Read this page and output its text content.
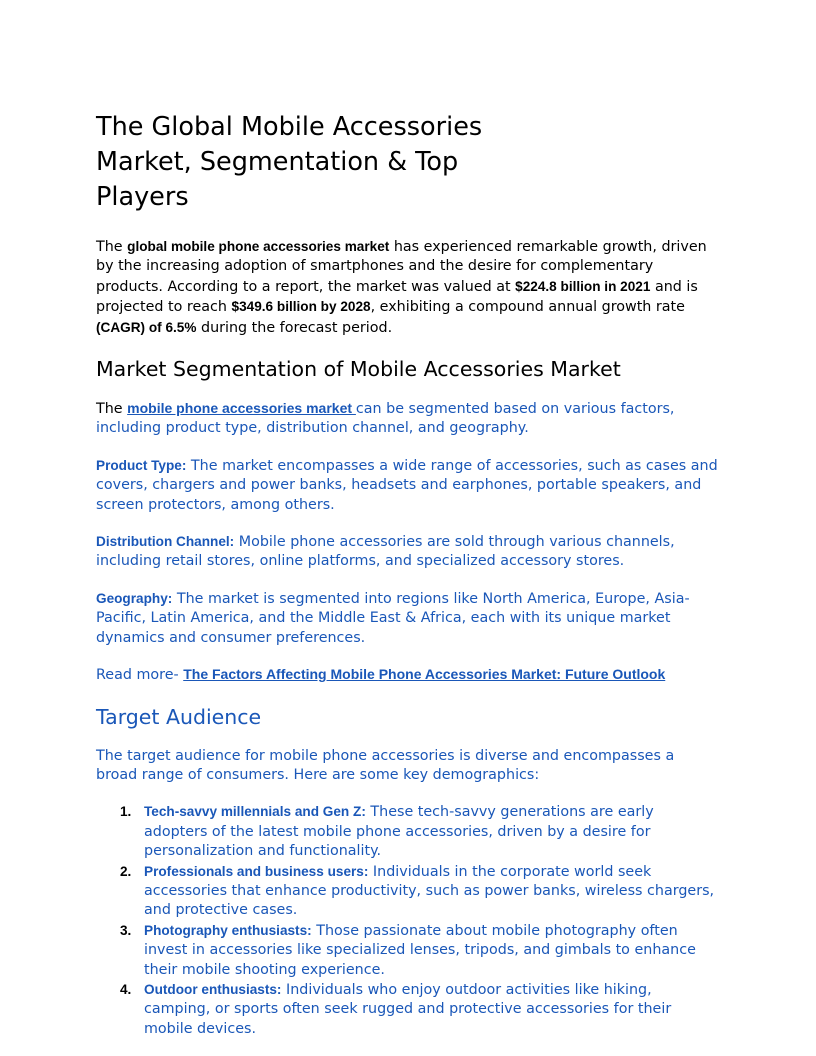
The Global Mobile Accessories Market, Segmentation & Top Players

The global mobile phone accessories market has experienced remarkable growth, driven by the increasing adoption of smartphones and the desire for complementary products. According to a report, the market was valued at $224.8 billion in 2021 and is projected to reach $349.6 billion by 2028, exhibiting a compound annual growth rate (CAGR) of 6.5% during the forecast period.

Market Segmentation of Mobile Accessories Market

The mobile phone accessories market can be segmented based on various factors, including product type, distribution channel, and geography.

Product Type: The market encompasses a wide range of accessories, such as cases and covers, chargers and power banks, headsets and earphones, portable speakers, and screen protectors, among others.

Distribution Channel: Mobile phone accessories are sold through various channels, including retail stores, online platforms, and specialized accessory stores.

Geography: The market is segmented into regions like North America, Europe, Asia-Pacific, Latin America, and the Middle East & Africa, each with its unique market dynamics and consumer preferences.

Read more- The Factors Affecting Mobile Phone Accessories Market: Future Outlook

Target Audience

The target audience for mobile phone accessories is diverse and encompasses a broad range of consumers. Here are some key demographics:

1. Tech-savvy millennials and Gen Z: These tech-savvy generations are early adopters of the latest mobile phone accessories, driven by a desire for personalization and functionality.
2. Professionals and business users: Individuals in the corporate world seek accessories that enhance productivity, such as power banks, wireless chargers, and protective cases.
3. Photography enthusiasts: Those passionate about mobile photography often invest in accessories like specialized lenses, tripods, and gimbals to enhance their mobile shooting experience.
4. Outdoor enthusiasts: Individuals who enjoy outdoor activities like hiking, camping, or sports often seek rugged and protective accessories for their mobile devices.
